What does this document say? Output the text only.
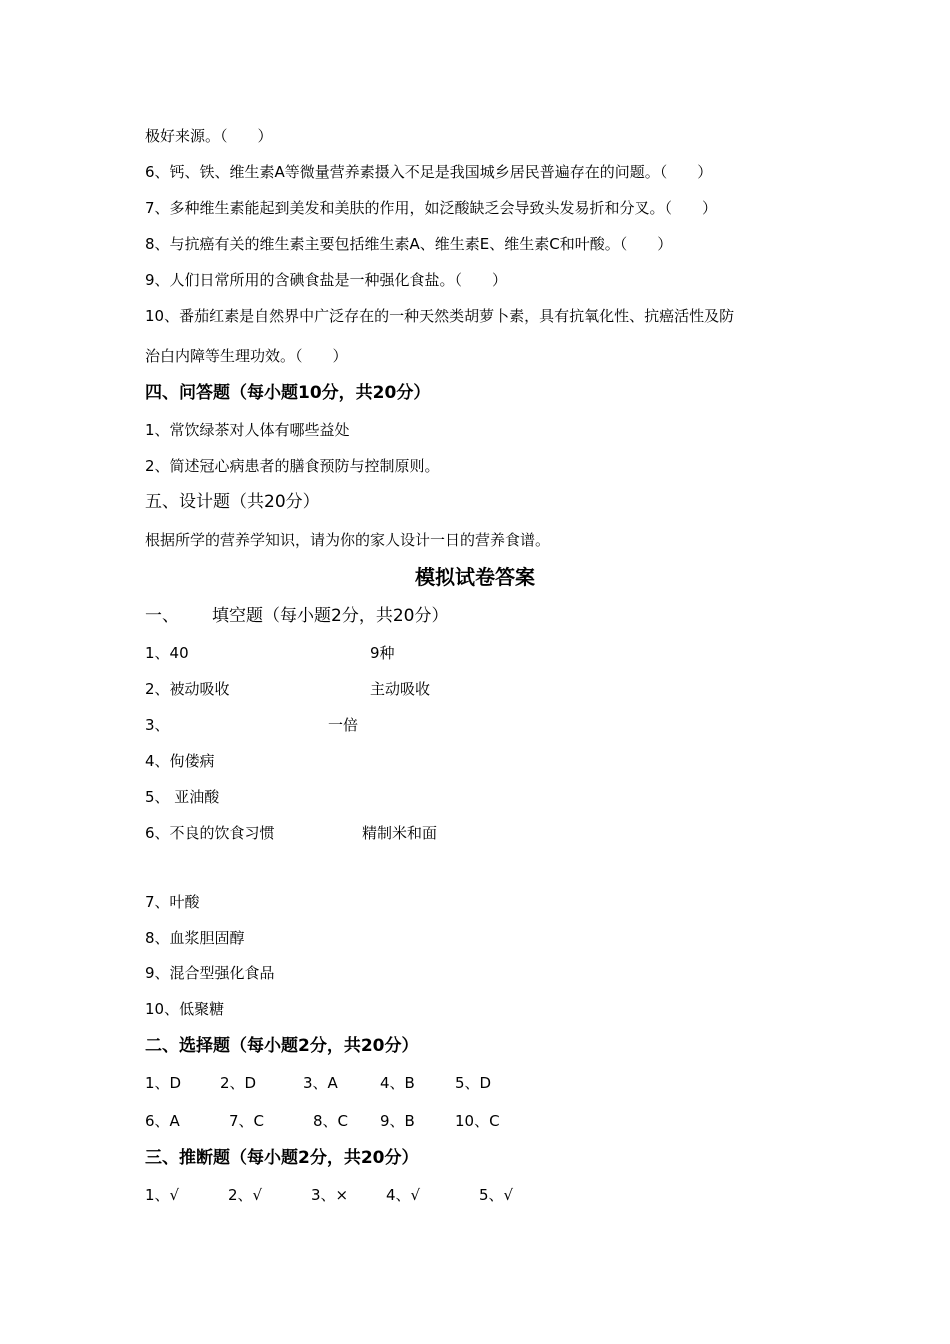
极好来源。（　　）
6、钙、铁、维生素A等微量营养素摄入不足是我国城乡居民普遍存在的问题。（　　）
7、多种维生素能起到美发和美肤的作用，如泛酸缺乏会导致头发易折和分叉。（　　）
8、与抗癌有关的维生素主要包括维生素A、维生素E、维生素C和叶酸。（　　）
9、人们日常所用的含碘食盐是一种强化食盐。（　　）
10、番茄红素是自然界中广泛存在的一种天然类胡萝卜素，具有抗氧化性、抗癌活性及防
治白内障等生理功效。（　　）
四、问答题（每小题10分，共20分）
1、常饮绿茶对人体有哪些益处
2、简述冠心病患者的膳食预防与控制原则。
五、设计题（共20分）
根据所学的营养学知识，请为你的家人设计一日的营养食谱。
模拟试卷答案
一、 填空题（每小题2分，共20分）
1、40	9种
2、被动吸收	主动吸收
3、	一倍
4、佝偻病
5、 亚油酸
6、不良的饮食习惯	精制米和面
7、叶酸
8、血浆胆固醇
9、混合型强化食品
10、低聚糖
二、选择题（每小题2分，共20分）
1、D	2、D	3、A	4、B	5、D
6、A	7、C	8、C 9、B	10、C
三、推断题（每小题2分，共20分）
1、√	2、√	3、×	4、√	5、√
